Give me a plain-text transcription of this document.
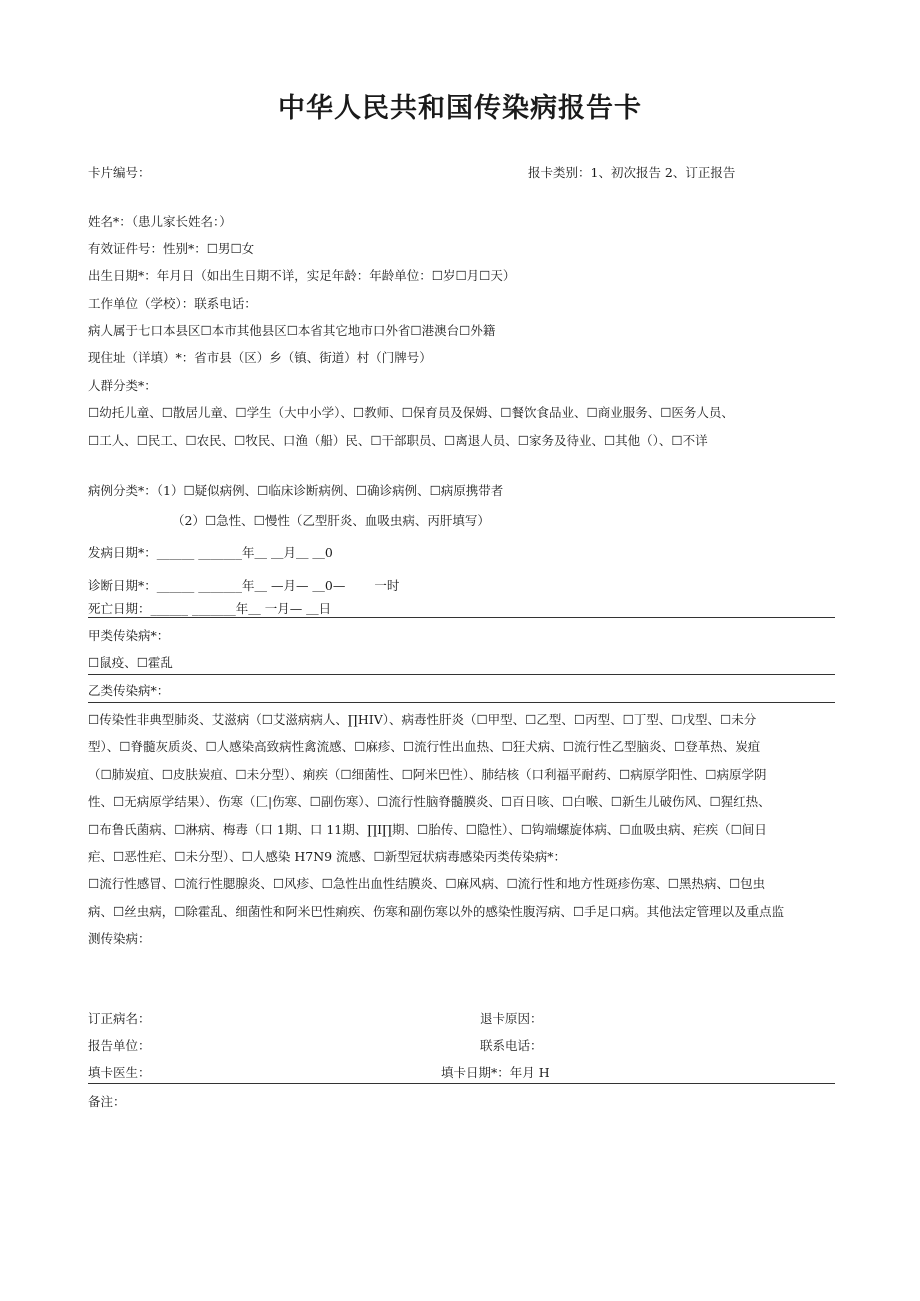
中华人民共和国传染病报告卡
卡片编号：	报卡类别：1、初次报告 2、订正报告
姓名*：（患儿家长姓名：）
有效证件号：性别*：☐男☐女
出生日期*：年月日（如出生日期不详，实足年龄：年龄单位：☐岁☐月☐天）
工作单位（学校）：联系电话：
病人属于七口本县区☐本市其他县区☐本省其它地市口外省☐港澳台☐外籍
现住址（详填）*：省市县（区）乡（镇、街道）村（门牌号）
人群分类*：
☐幼托儿童、☐散居儿童、☐学生（大中小学）、☐教师、☐保育员及保姆、☐餐饮食品业、☐商业服务、☐医务人员、
☐工人、☐民工、☐农民、☐牧民、口渔（船）民、☐干部职员、☐离退人员、☐家务及待业、☐其他（）、☐不详
病例分类*：（1）☐疑似病例、☐临床诊断病例、☐确诊病例、☐病原携带者
（2）☐急性、☐慢性（乙型肝炎、血吸虫病、丙肝填写）
发病日期*：______ _______年＿ ＿月＿ ＿0
诊断日期*：______ _______年＿ —月— ＿0—　　 一时
死亡日期：______ _______年＿ 一月— ＿日
甲类传染病*：
☐鼠疫、☐霍乱
乙类传染病*：
☐传染性非典型肺炎、艾滋病（☐艾滋病病人、∏HIV）、病毒性肝炎（☐甲型、☐乙型、☐丙型、☐丁型、☐戊型、☐未分
型）、☐脊髓灰质炎、☐人感染高致病性禽流感、☐麻疹、☐流行性出血热、☐狂犬病、☐流行性乙型脑炎、☐登革热、炭疽
（☐肺炭疽、☐皮肤炭疽、☐未分型）、痢疾（☐细菌性、☐阿米巴性）、肺结核（口利福平耐药、☐病原学阳性、☐病原学阴
性、☐无病原学结果）、伤寒（匚|伤寒、☐副伤寒）、☐流行性脑脊髓膜炎、☐百日咳、☐白喉、☐新生儿破伤风、☐猩红热、
☐布鲁氏菌病、☐淋病、梅毒（口 1期、口 11期、∏I∏期、☐胎传、☐隐性）、☐钩端螺旋体病、☐血吸虫病、疟疾（☐间日
疟、☐恶性疟、☐未分型）、☐人感染 H7N9 流感、☐新型冠状病毒感染丙类传染病*：
☐流行性感冒、☐流行性腮腺炎、☐风疹、☐急性出血性结膜炎、☐麻风病、☐流行性和地方性斑疹伤寒、☐黑热病、☐包虫
病、☐丝虫病，☐除霍乱、细菌性和阿米巴性痢疾、伤寒和副伤寒以外的感染性腹泻病、☐手足口病。其他法定管理以及重点监
测传染病：
订正病名：	退卡原因：
报告单位：	联系电话：
填卡医生：	填卡日期*：年月 H
备注：
